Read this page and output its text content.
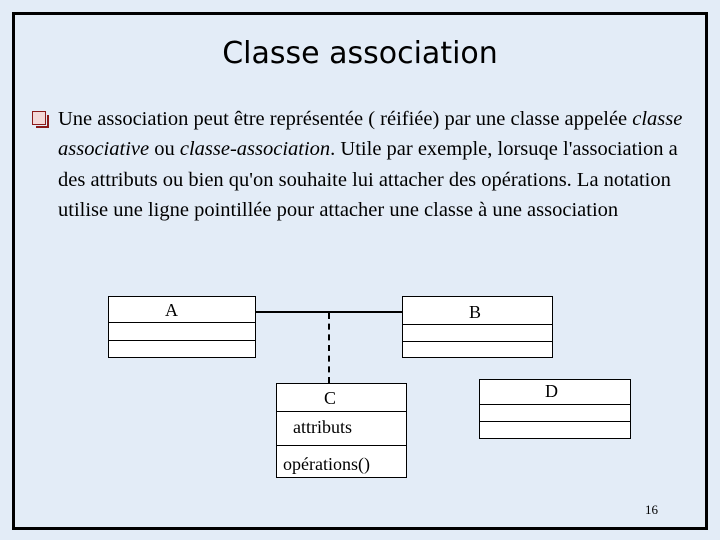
Classe association
Une association peut être représentée ( réifiée) par une classe appelée classe associative ou classe-association. Utile par exemple, lorsuqe l'association a des attributs ou bien qu'on souhaite lui attacher des opérations. La notation utilise une ligne pointillée pour attacher une classe à une association
A	B
C
attributs
opérations()
D
16
